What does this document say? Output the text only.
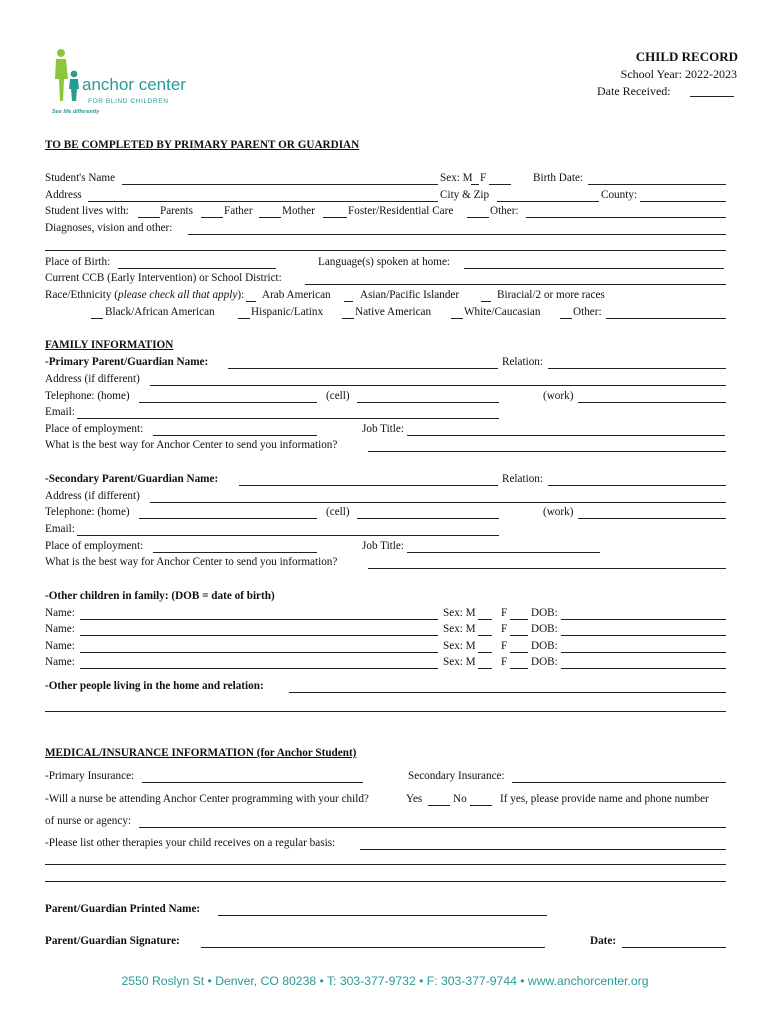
anchor center
FOR BLIND CHILDREN
See life differently
CHILD RECORD
School Year: 2022-2023
Date Received:
TO BE COMPLETED BY PRIMARY PARENT OR GUARDIAN
Student's Name	Sex: M F	Birth Date:
Address	City & Zip	County:
Student lives with:	Parents	Father	Mother	Foster/Residential Care	Other:
Diagnoses, vision and other:
Place of Birth:	Language(s) spoken at home:
Current CCB (Early Intervention) or School District:
Race/Ethnicity (please check all that apply): Arab American	Asian/Pacific Islander	Biracial/2 or more races
Black/African American	Hispanic/Latinx	Native American	White/Caucasian	Other:
FAMILY INFORMATION
-Primary Parent/Guardian Name:	Relation:
Address (if different)
Telephone: (home)	(cell)	(work)
Email:
Place of employment:	Job Title:
What is the best way for Anchor Center to send you information?
-Secondary Parent/Guardian Name:	Relation:
Address (if different)
Telephone: (home)	(cell)	(work)
Email:
Place of employment:	Job Title:
What is the best way for Anchor Center to send you information?
-Other children in family: (DOB = date of birth)
Name:	Sex: M F DOB:
Name:	Sex: M F DOB:
Name:	Sex: M F DOB:
Name:	Sex: M F DOB:
-Other people living in the home and relation:
MEDICAL/INSURANCE INFORMATION (for Anchor Student)
-Primary Insurance:	Secondary Insurance:
-Will a nurse be attending Anchor Center programming with your child?	Yes	No	If yes, please provide name and phone number
of nurse or agency:
-Please list other therapies your child receives on a regular basis:
Parent/Guardian Printed Name:
Parent/Guardian Signature:	Date:
2550 Roslyn St • Denver, CO 80238 • T: 303-377-9732 • F: 303-377-9744 • www.anchorcenter.org
